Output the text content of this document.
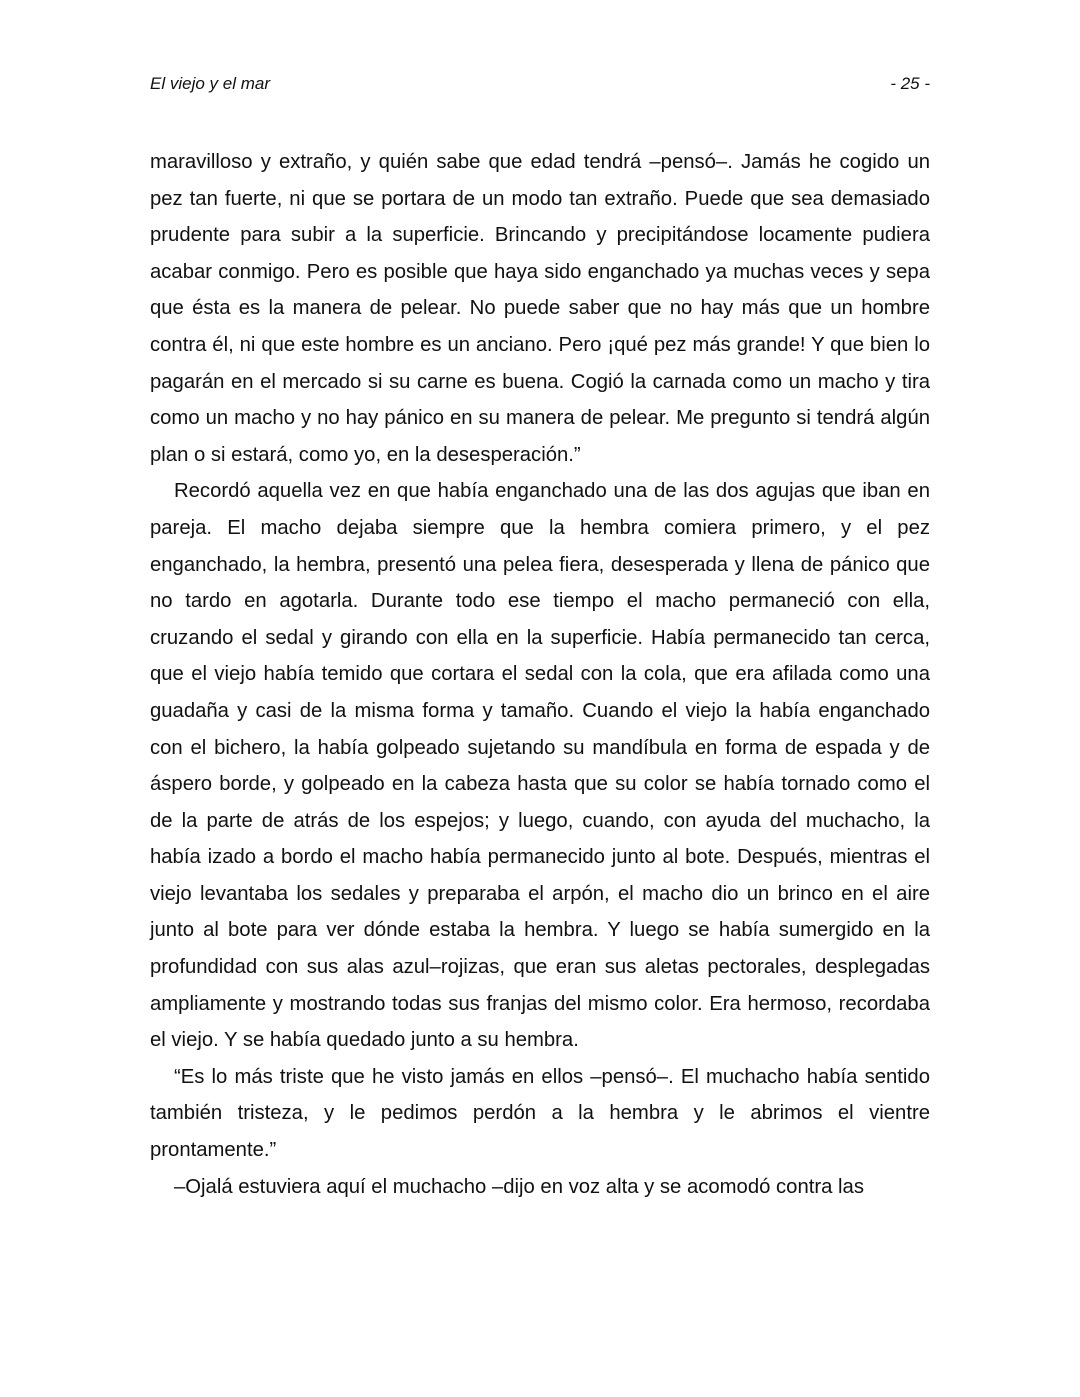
El viejo y el mar	- 25 -

maravilloso y extraño, y quién sabe que edad tendrá –pensó–. Jamás he cogido un pez tan fuerte, ni que se portara de un modo tan extraño. Puede que sea demasiado prudente para subir a la superficie. Brincando y precipitándose locamente pudiera acabar conmigo. Pero es posible que haya sido enganchado ya muchas veces y sepa que ésta es la manera de pelear. No puede saber que no hay más que un hombre contra él, ni que este hombre es un anciano. Pero ¡qué pez más grande! Y que bien lo pagarán en el mercado si su carne es buena. Cogió la carnada como un macho y tira como un macho y no hay pánico en su manera de pelear. Me pregunto si tendrá algún plan o si estará, como yo, en la desesperación.”

Recordó aquella vez en que había enganchado una de las dos agujas que iban en pareja. El macho dejaba siempre que la hembra comiera primero, y el pez enganchado, la hembra, presentó una pelea fiera, desesperada y llena de pánico que no tardo en agotarla. Durante todo ese tiempo el macho permaneció con ella, cruzando el sedal y girando con ella en la superficie. Había permanecido tan cerca, que el viejo había temido que cortara el sedal con la cola, que era afilada como una guadaña y casi de la misma forma y tamaño. Cuando el viejo la había enganchado con el bichero, la había golpeado sujetando su mandíbula en forma de espada y de áspero borde, y golpeado en la cabeza hasta que su color se había tornado como el de la parte de atrás de los espejos; y luego, cuando, con ayuda del muchacho, la había izado a bordo el macho había permanecido junto al bote. Después, mientras el viejo levantaba los sedales y preparaba el arpón, el macho dio un brinco en el aire junto al bote para ver dónde estaba la hembra. Y luego se había sumergido en la profundidad con sus alas azul–rojizas, que eran sus aletas pectorales, desplegadas ampliamente y mostrando todas sus franjas del mismo color. Era hermoso, recordaba el viejo. Y se había quedado junto a su hembra.

“Es lo más triste que he visto jamás en ellos –pensó–. El muchacho había sentido también tristeza, y le pedimos perdón a la hembra y le abrimos el vientre prontamente.”

–Ojalá estuviera aquí el muchacho –dijo en voz alta y se acomodó contra las
